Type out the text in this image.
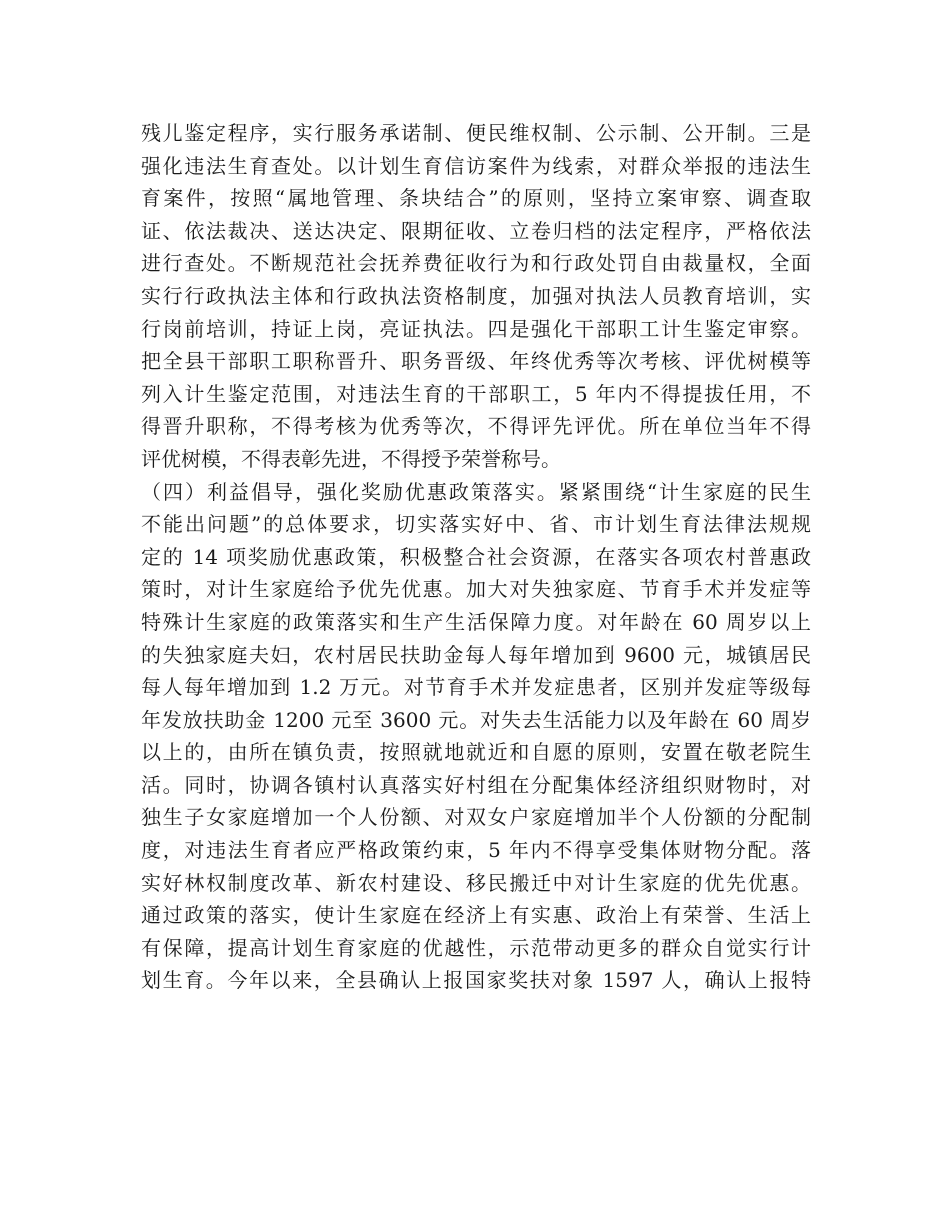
残儿鉴定程序，实行服务承诺制、便民维权制、公示制、公开制。三是
强化违法生育查处。以计划生育信访案件为线索，对群众举报的违法生
育案件，按照“属地管理、条块结合”的原则，坚持立案审察、调查取
证、依法裁决、送达决定、限期征收、立卷归档的法定程序，严格依法
进行查处。不断规范社会抚养费征收行为和行政处罚自由裁量权，全面
实行行政执法主体和行政执法资格制度，加强对执法人员教育培训，实
行岗前培训，持证上岗，亮证执法。四是强化干部职工计生鉴定审察。
把全县干部职工职称晋升、职务晋级、年终优秀等次考核、评优树模等
列入计生鉴定范围，对违法生育的干部职工，5 年内不得提拔任用，不
得晋升职称，不得考核为优秀等次，不得评先评优。所在单位当年不得
评优树模，不得表彰先进，不得授予荣誉称号。
（四）利益倡导，强化奖励优惠政策落实。紧紧围绕“计生家庭的民生
不能出问题”的总体要求，切实落实好中、省、市计划生育法律法规规
定的 14 项奖励优惠政策，积极整合社会资源，在落实各项农村普惠政
策时，对计生家庭给予优先优惠。加大对失独家庭、节育手术并发症等
特殊计生家庭的政策落实和生产生活保障力度。对年龄在 60 周岁以上
的失独家庭夫妇，农村居民扶助金每人每年增加到 9600 元，城镇居民
每人每年增加到 1.2 万元。对节育手术并发症患者，区别并发症等级每
年发放扶助金 1200 元至 3600 元。对失去生活能力以及年龄在 60 周岁
以上的，由所在镇负责，按照就地就近和自愿的原则，安置在敬老院生
活。同时，协调各镇村认真落实好村组在分配集体经济组织财物时，对
独生子女家庭增加一个人份额、对双女户家庭增加半个人份额的分配制
度，对违法生育者应严格政策约束，5 年内不得享受集体财物分配。落
实好林权制度改革、新农村建设、移民搬迁中对计生家庭的优先优惠。
通过政策的落实，使计生家庭在经济上有实惠、政治上有荣誉、生活上
有保障，提高计划生育家庭的优越性，示范带动更多的群众自觉实行计
划生育。今年以来，全县确认上报国家奖扶对象 1597 人，确认上报特
